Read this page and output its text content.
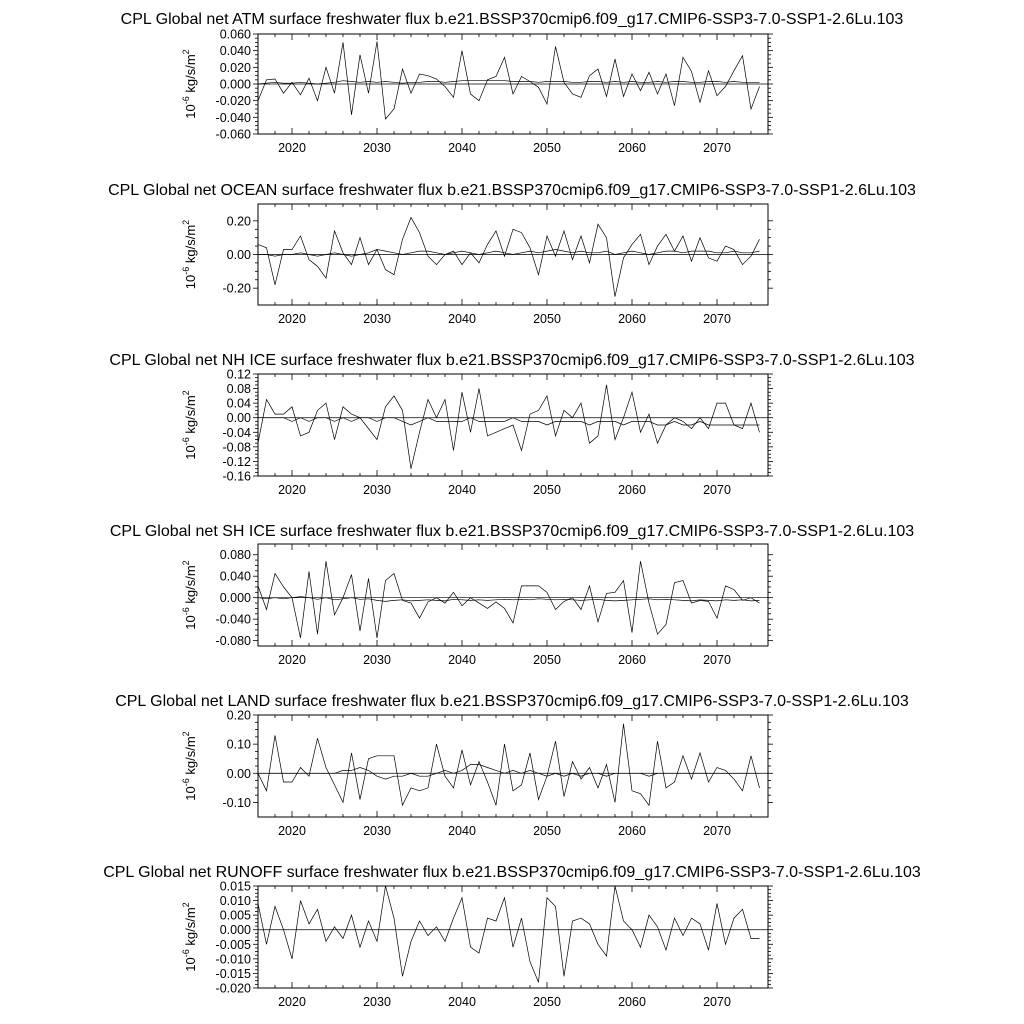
CPL Global net ATM surface freshwater flux b.e21.BSSP370cmip6.f09_g17.CMIP6-SSP3-7.0-SSP1-2.6Lu.103
2020	2030	2040	2050	2060	2070
-0.060
-0.040
-0.020
0.000
0.020
0.040
0.060
$10^{-6}$ $kg/s/m^2$
CPL Global net OCEAN surface freshwater flux b.e21.BSSP370cmip6.f09_g17.CMIP6-SSP3-7.0-SSP1-2.6Lu.103
2020	2030	2040	2050	2060	2070
-0.20
0.00
0.20
$10^{-6}$ $kg/s/m^2$
CPL Global net NH ICE surface freshwater flux b.e21.BSSP370cmip6.f09_g17.CMIP6-SSP3-7.0-SSP1-2.6Lu.103
2020	2030	2040	2050	2060	2070
-0.16
-0.12
-0.08
-0.04
0.00
0.04
0.08
0.12
$10^{-6}$ $kg/s/m^2$
CPL Global net SH ICE surface freshwater flux b.e21.BSSP370cmip6.f09_g17.CMIP6-SSP3-7.0-SSP1-2.6Lu.103
2020	2030	2040	2050	2060	2070
-0.080
-0.040
0.000
0.040
0.080
$10^{-6}$ $kg/s/m^2$
CPL Global net LAND surface freshwater flux b.e21.BSSP370cmip6.f09_g17.CMIP6-SSP3-7.0-SSP1-2.6Lu.103
2020	2030	2040	2050	2060	2070
-0.10
0.00
0.10
0.20
$10^{-6}$ $kg/s/m^2$
CPL Global net RUNOFF surface freshwater flux b.e21.BSSP370cmip6.f09_g17.CMIP6-SSP3-7.0-SSP1-2.6Lu.103
2020	2030	2040	2050	2060	2070
-0.020
-0.015
-0.010
-0.005
0.000
0.005
0.010
0.015
$10^{-6}$ $kg/s/m^2$
